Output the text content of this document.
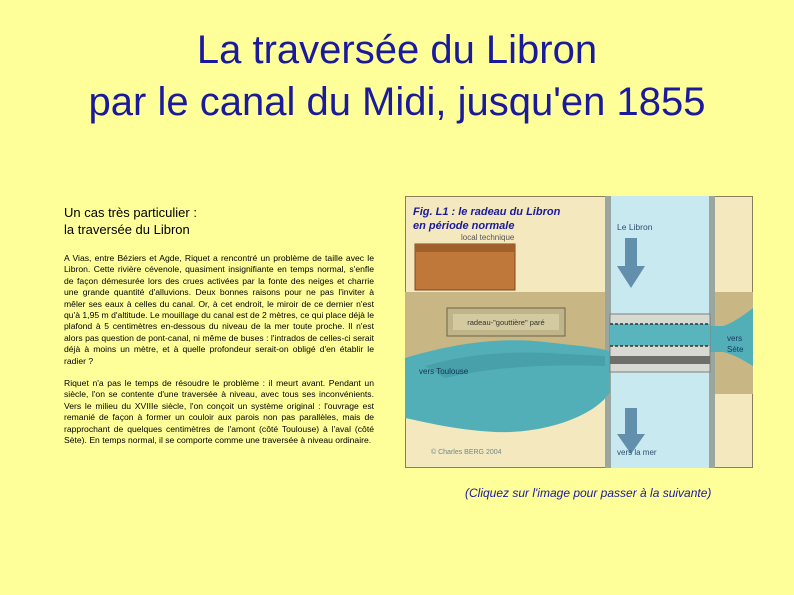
La traversée du Libron
par le canal du Midi, jusqu'en 1855
Un cas très particulier :
la traversée du Libron

A Vias, entre Béziers et Agde, Riquet a rencontré un problème de taille avec le Libron. Cette rivière cévenole, quasiment insignifiante en temps normal, s'enfle de façon démesurée lors des crues activées par la fonte des neiges et charrie une grande quantité d'alluvions. Deux bonnes raisons pour ne pas l'inviter à mêler ses eaux à celles du canal. Or, à cet endroit, le miroir de ce dernier n'est qu'à 1,95 m d'altitude. Le mouillage du canal est de 2 mètres, ce qui place déjà le plafond à 5 centimètres en-dessous du niveau de la mer toute proche. Il n'est alors pas question de pont-canal, ni même de buses : l'intrados de celles-ci serait déjà à moins un mètre, et à quelle profondeur serait-on obligé d'en établir le radier ?

Riquet n'a pas le temps de résoudre le problème : il meurt avant. Pendant un siècle, l'on se contente d'une traversée à niveau, avec tous ses inconvénients. Vers le milieu du XVIIIe siècle, l'on conçoit un système original : l'ouvrage est remanié de façon à former un couloir aux parois non pas parallèles, mais de rapprochant de quelques centimètres de l'amont (côté Toulouse) à l'aval (côté Sète). En temps normal, il se comporte comme une traversée à niveau ordinaire.

radeau-"gouttière" paré
local technique
Fig. L1 : le radeau du Libron
en période normale	Le Libron
vers
Sète
vers Toulouse
vers la mer
© Charles BERG 2004
(Cliquez sur l'image pour passer à la suivante)
